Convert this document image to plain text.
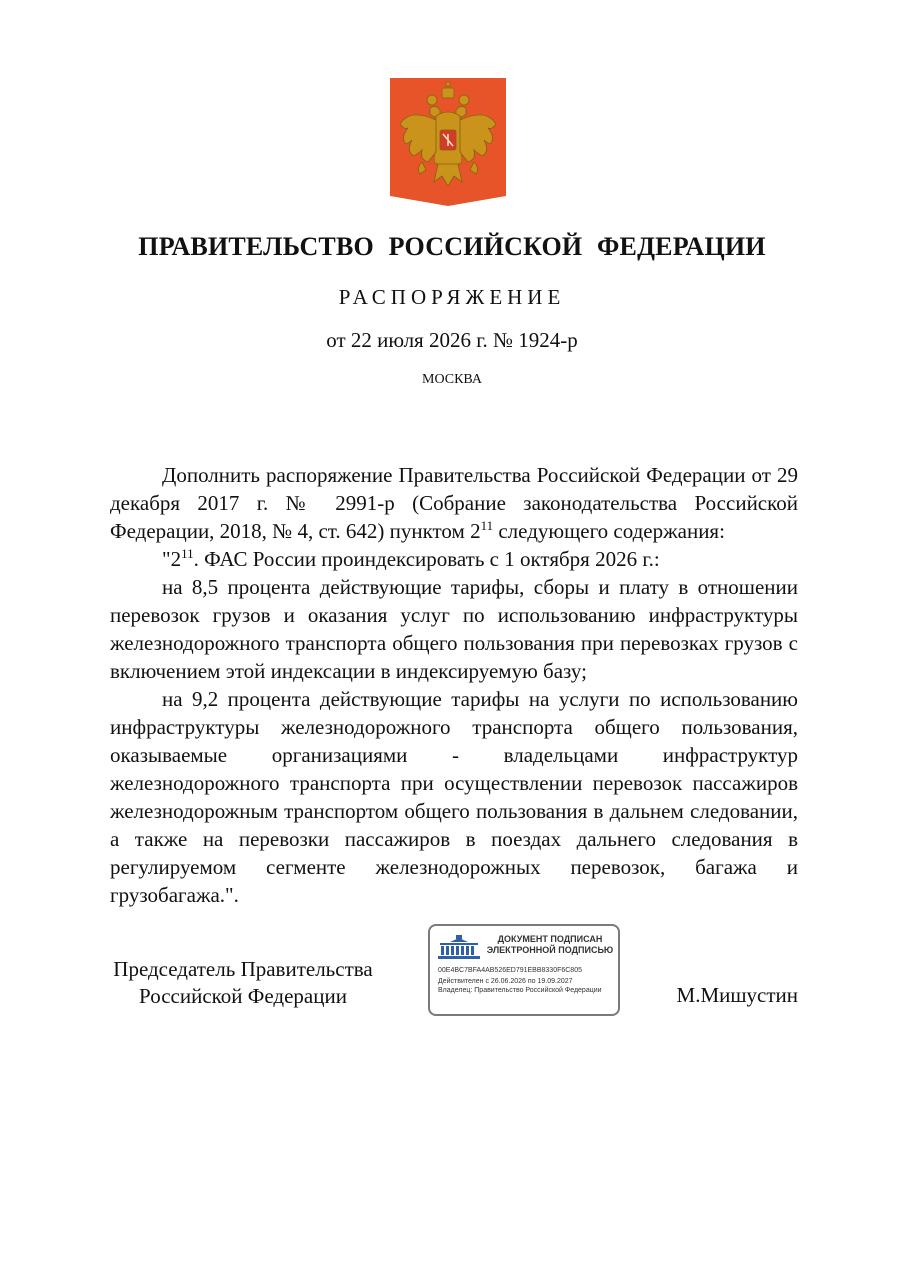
ПРАВИТЕЛЬСТВО РОССИЙСКОЙ ФЕДЕРАЦИИ
РАСПОРЯЖЕНИЕ
от 22 июля 2026 г. № 1924-р
МОСКВА

Дополнить распоряжение Правительства Российской Федерации от 29 декабря 2017 г. № 2991-р (Собрание законодательства Российской Федерации, 2018, № 4, ст. 642) пунктом $2^{11}$ следующего содержания:

"$2^{11}$. ФАС России проиндексировать с 1 октября 2026 г.:

на 8,5 процента действующие тарифы, сборы и плату в отношении перевозок грузов и оказания услуг по использованию инфраструктуры железнодорожного транспорта общего пользования при перевозках грузов с включением этой индексации в индексируемую базу;

на 9,2 процента действующие тарифы на услуги по использованию инфраструктуры железнодорожного транспорта общего пользования, оказываемые организациями - владельцами инфраструктур железнодорожного транспорта при осуществлении перевозок пассажиров железнодорожным транспортом общего пользования в дальнем следовании, а также на перевозки пассажиров в поездах дальнего следования в регулируемом сегменте железнодорожных перевозок, багажа и грузобагажа.".

Председатель Правительства
Российской Федерации
ДОКУМЕНТ ПОДПИСАН
ЭЛЕКТРОННОЙ ПОДПИСЬЮ
00E4BC7BFA4AB526ED791EBB8330F6C805
Действителен с 26.06.2026 по 19.09.2027
Владелец: Правительство Российской Федерации	М.Мишустин
